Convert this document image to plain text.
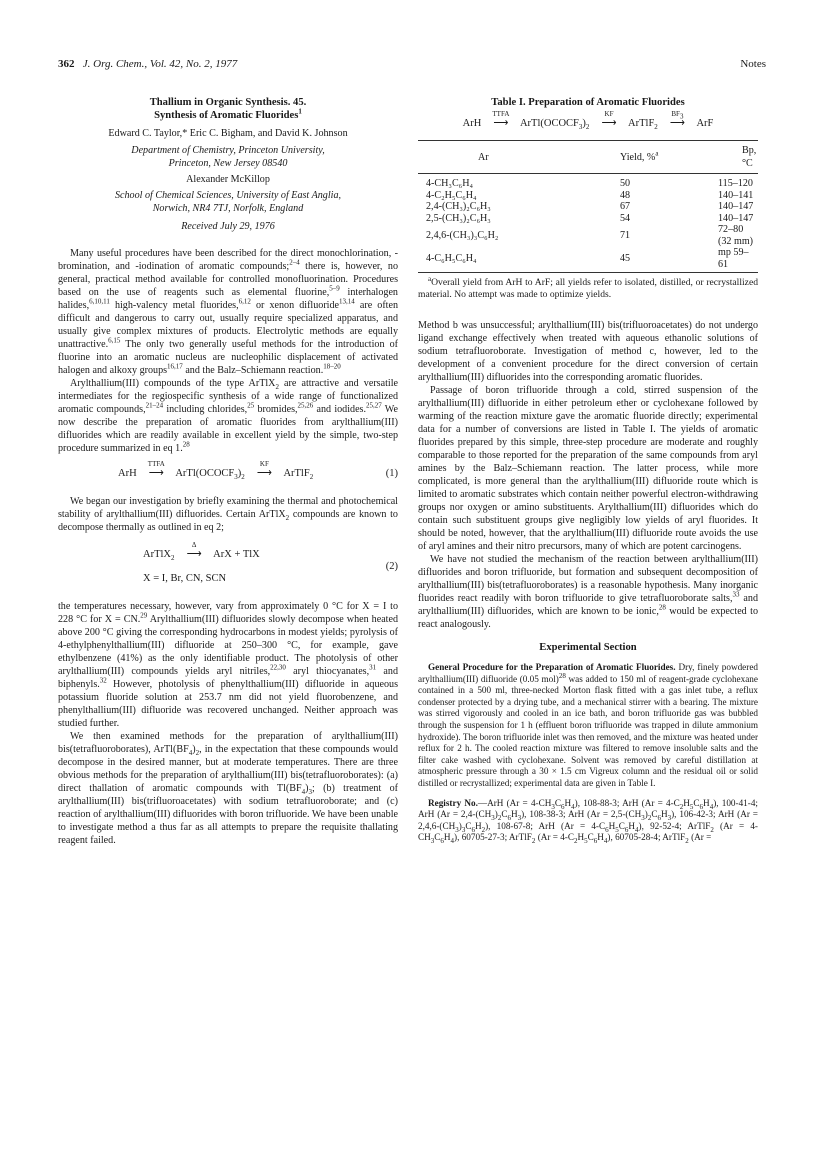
362 J. Org. Chem., Vol. 42, No. 2, 1977	Notes
Thallium in Organic Synthesis. 45.
Synthesis of Aromatic Fluorides$^1$
Edward C. Taylor,* Eric C. Bigham, and David K. Johnson
Department of Chemistry, Princeton University,
Princeton, New Jersey 08540
Alexander McKillop
School of Chemical Sciences, University of East Anglia,
Norwich, NR4 7TJ, Norfolk, England
Received July 29, 1976

Many useful procedures have been described for the direct monochlorination, -bromination, and -iodination of aromatic compounds;$^{2-4}$ there is, however, no general, practical method available for controlled monofluorination. Procedures based on the use of reagents such as elemental fluorine,$^{5-9}$ interhalogen halides,$^{6,10,11}$ high-valency metal fluorides,$^{6,12}$ or xenon difluoride$^{13,14}$ are often difficult and dangerous to carry out, usually require specialized apparatus, and usually give complex mixtures of products. Electrolytic methods are equally unattractive.$^{6,15}$ The only two generally useful methods for the introduction of fluorine into an aromatic nucleus are nucleophilic displacement of activated halogen and alkoxy groups$^{16,17}$ and the Balz–Schiemann reaction.$^{18-20}$

Arylthallium(III) compounds of the type ArTlX$_2$ are attractive and versatile intermediates for the regiospecific synthesis of a wide range of functionalized aromatic compounds,$^{21-24}$ including chlorides,$^{25}$ bromides,$^{25,26}$ and iodides.$^{25,27}$ We now describe the preparation of aromatic fluorides from arylthallium(III) difluorides which are readily available in excellent yield by the simple, two-step procedure summarized in eq 1.28

ArH
TTFA
⟶ $ArTl(OCOCF_3)_2$
KF
⟶ ArTlF$_2$	(1)

We began our investigation by briefly examining the thermal and photochemical stability of arylthallium(III) difluorides. Certain ArTlX$_2$ compounds are known to decompose thermally as outlined in eq 2;

ArTlX$_2$
Δ
⟶ ArX + TlX
X = I, Br, CN, SCN
(2)

the temperatures necessary, however, vary from approximately 0 °C for X = I to 228 °C for X = CN.$^{29}$ Arylthallium(III) difluorides slowly decompose when heated above 200 °C giving the corresponding hydrocarbons in modest yields; pyrolysis of 4-ethylphenylthallium(III) difluoride at 250–300 °C, for example, gave ethylbenzene (41%) as the only identifiable product. The photolysis of other arylthallium(III) compounds yields aryl nitriles,$^{22,30}$ aryl thiocyanates,$^{31}$ and biphenyls.$^{32}$ However, photolysis of phenylthallium(III) difluoride in aqueous potassium fluoride solution at 253.7 nm did not yield fluorobenzene, and phenylthallium(III) difluoride was recovered unchanged. Neither approach was studied further.

We then examined methods for the preparation of arylthallium(III) bis(tetrafluoroborates), $ArTl(BF_4)_2$, in the expectation that these compounds would decompose in the desired manner, but at moderate temperatures. There are three obvious methods for the preparation of arylthallium(III) bis(tetrafluoroborates): (a) direct thallation of aromatic compounds with $Tl(BF_4)_3$; (b) treatment of arylthallium(III) bis(trifluoroacetates) with sodium tetrafluoroborate; and (c) reaction of arylthallium(III) difluorides with boron trifluoride. We have been unable to investigate method a thus far as all attempts to prepare the requisite thallating reagent failed.

Table I. Preparation of Aromatic Fluorides
ArH
TTFA
⟶ $ArTl(OCOCF_3)_2$
KF
⟶ ArTlF$_2$
$BF_3$
⟶ ArF
Ar	Yield, %$^a$	Bp, °C
4-CH₃C₆H₄	50	115–120
4-C₂H₅C₆H₄	48	140–141
2,4-(CH₃)₂C₆H₃	67	140–147
2,5-(CH₃)₂C₆H₃	54	140–147
2,4,6-(CH₃)₃C₆H₂	71	72–80 (32 mm)
4-C₆H₅C₆H₄	45	mp 59–61
$^a$Overall yield from ArH to ArF; all yields refer to isolated, distilled, or recrystallized material. No attempt was made to optimize yields.

Method b was unsuccessful; arylthallium(III) bis(trifluoroacetates) do not undergo ligand exchange effectively when treated with aqueous ethanolic solutions of sodium tetrafluoroborate. Investigation of method c, however, led to the development of a convenient procedure for the direct conversion of certain arylthallium(III) difluorides into the corresponding aromatic fluorides.

Passage of boron trifluoride through a cold, stirred suspension of the arylthallium(III) difluoride in either petroleum ether or cyclohexane followed by warming of the reaction mixture gave the aromatic fluoride directly; experimental data for a number of conversions are listed in Table I. The yields of aromatic fluorides prepared by this simple, three-step procedure are moderate and roughly comparable to those reported for the preparation of the same compounds from aryl amines by the Balz–Schiemann reaction. The latter process, while more complicated, is more general than the arylthallium(III) difluoride route which is limited to aromatic substrates which contain neither powerful electron-withdrawing groups nor oxygen or amino substituents. Arylthallium(III) difluorides which do contain such substituent groups give negligibly low yields of aryl fluorides. It should be noted, however, that the arylthallium(III) difluoride route avoids the use of aryl amines and their nitro precursors, many of which are potent carcinogens.

We have not studied the mechanism of the reaction between arylthallium(III) difluorides and boron trifluoride, but formation and subsequent decomposition of arylthallium(III) bis(tetrafluoroborates) is a reasonable hypothesis. Many inorganic fluorides react readily with boron trifluoride to give tetrafluoroborate salts,$^{33}$ and arylthallium(III) difluorides, which are known to be ionic,$^{28}$ would be expected to react analogously.

Experimental Section

General Procedure for the Preparation of Aromatic Fluorides. Dry, finely powdered arylthallium(III) difluoride (0.05 mol)$^{28}$ was added to 150 ml of reagent-grade cyclohexane contained in a 500 ml, three-necked Morton flask fitted with a gas inlet tube, a reflux condenser protected by a drying tube, and a mechanical stirrer with a bearing. The mixture was stirred vigorously and cooled in an ice bath, and boron trifluoride gas was bubbled through the suspension for 1 h (effluent boron trifluoride was trapped in dilute ammonium hydroxide). The boron trifluoride inlet was then removed, and the mixture was heated under reflux for 2 h. The cooled reaction mixture was filtered to remove insoluble salts and the filter cake washed with cyclohexane. Solvent was removed by careful distillation at atmospheric pressure through a 30 × 1.5 cm Vigreux column and the residual oil or solid distilled or recrystallized; experimental data are given in Table I.

Registry No.—ArH $(Ar = 4-CH_3C_6H_4)$, 108-88-3; ArH $(Ar = 4-C_2H_5C_6H_4)$, 100-41-4; ArH $(Ar = 2,4-(CH_3)_2C_6H_3)$, 108-38-3; ArH $(Ar = 2,5-(CH_3)_2C_6H_3)$, 106-42-3; ArH $(Ar = 2,4,6-(CH_3)_3C_6H_2)$, 108-67-8; ArH $(Ar = 4-C_6H_5C_6H_4)$, 92-52-4; ArTlF$_2$ $(Ar = 4-CH_3C_6H_4)$, 60705-27-3; ArTlF$_2$ $(Ar = 4-C_2H_5C_6H_4)$, 60705-28-4; ArTlF$_2$ (Ar =
